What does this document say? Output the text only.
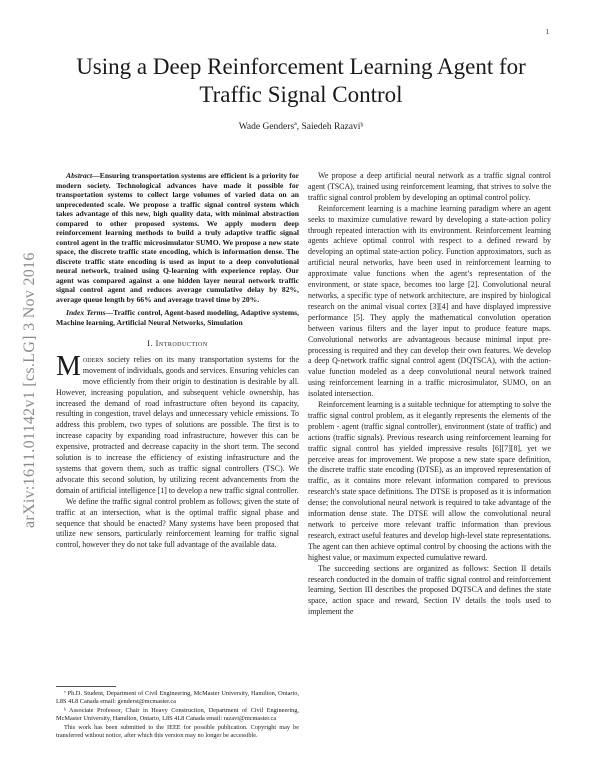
1
arXiv:1611.01142v1 [cs.LG] 3 Nov 2016
Using a Deep Reinforcement Learning Agent for Traffic Signal Control
Wade Gendersª, Saiedeh Razaviᵇ

Abstract—Ensuring transportation systems are efficient is a priority for modern society. Technological advances have made it possible for transportation systems to collect large volumes of varied data on an unprecedented scale. We propose a traffic signal control system which takes advantage of this new, high quality data, with minimal abstraction compared to other proposed systems. We apply modern deep reinforcement learning methods to build a truly adaptive traffic signal control agent in the traffic microsimulator SUMO. We propose a new state space, the discrete traffic state encoding, which is information dense. The discrete traffic state encoding is used as input to a deep convolutional neural network, trained using Q-learning with experience replay. Our agent was compared against a one hidden layer neural network traffic signal control agent and reduces average cumulative delay by 82%, average queue length by 66% and average travel time by 20%.

Index Terms—Traffic control, Agent-based modeling, Adaptive systems, Machine learning, Artificial Neural Networks, Simulation

I. Introduction

Modern society relies on its many transportation systems for the movement of individuals, goods and services. Ensuring vehicles can move efficiently from their origin to destination is desirable by all. However, increasing population, and subsequent vehicle ownership, has increased the demand of road infrastructure often beyond its capacity, resulting in congestion, travel delays and unnecessary vehicle emissions. To address this problem, two types of solutions are possible. The first is to increase capacity by expanding road infrastructure, however this can be expensive, protracted and decrease capacity in the short term. The second solution is to increase the efficiency of existing infrastructure and the systems that govern them, such as traffic signal controllers (TSC). We advocate this second solution, by utilizing recent advancements from the domain of artificial intelligence [1] to develop a new traffic signal controller.

We define the traffic signal control problem as follows; given the state of traffic at an intersection, what is the optimal traffic signal phase and sequence that should be enacted? Many systems have been proposed that utilize new sensors, particularly reinforcement learning for traffic signal control, however they do not take full advantage of the available data.

ª Ph.D. Student, Department of Civil Engineering, McMaster University, Hamilton, Ontario, L8S 4L8 Canada email: genderst@mcmaster.ca

ᵇ Associate Professor, Chair in Heavy Construction, Department of Civil Engineering, McMaster University, Hamilton, Ontario, L8S 4L8 Canada email: razavi@mcmaster.ca

This work has been submitted to the IEEE for possible publication. Copyright may be transferred without notice, after which this version may no longer be accessible.

We propose a deep artificial neural network as a traffic signal control agent (TSCA), trained using reinforcement learning, that strives to solve the traffic signal control problem by developing an optimal control policy.

Reinforcement learning is a machine learning paradigm where an agent seeks to maximize cumulative reward by developing a state-action policy through repeated interaction with its environment. Reinforcement learning agents achieve optimal control with respect to a defined reward by developing an optimal state-action policy. Function approximators, such as artificial neural networks, have been used in reinforcement learning to approximate value functions when the agent’s representation of the environment, or state space, becomes too large [2]. Convolutional neural networks, a specific type of network architecture, are inspired by biological research on the animal visual cortex [3][4] and have displayed impressive performance [5]. They apply the mathematical convolution operation between various filters and the layer input to produce feature maps. Convolutional networks are advantageous because minimal input pre-processing is required and they can develop their own features. We develop a deep Q-network traffic signal control agent (DQTSCA), with the action-value function modeled as a deep convolutional neural network trained using reinforcement learning in a traffic microsimulator, SUMO, on an isolated intersection.

Reinforcement learning is a suitable technique for attempting to solve the traffic signal control problem, as it elegantly represents the elements of the problem - agent (traffic signal controller), environment (state of traffic) and actions (traffic signals). Previous research using reinforcement learning for traffic signal control has yielded impressive results [6][7][8], yet we perceive areas for improvement. We propose a new state space definition, the discrete traffic state encoding (DTSE), as an improved representation of traffic, as it contains more relevant information compared to previous research’s state space definitions. The DTSE is proposed as it is information dense; the convolutional neural network is required to take advantage of the information dense state. The DTSE will allow the convolutional neural network to perceive more relevant traffic information than previous research, extract useful features and develop high-level state representations. The agent can then achieve optimal control by choosing the actions with the highest value, or maximum expected cumulative reward.

The succeeding sections are organized as follows: Section II details research conducted in the domain of traffic signal control and reinforcement learning, Section III describes the proposed DQTSCA and defines the state space, action space and reward, Section IV details the tools used to implement the
